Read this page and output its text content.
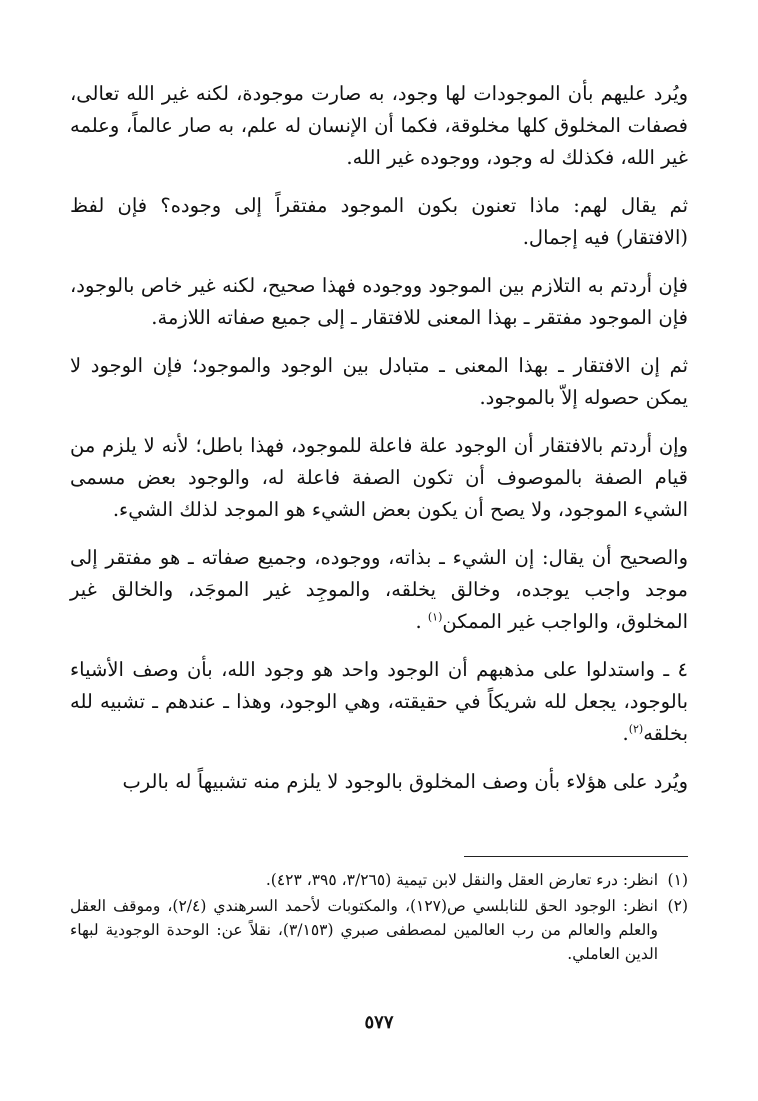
ويُرد عليهم بأن الموجودات لها وجود، به صارت موجودة، لكنه غير الله تعالى، فصفات المخلوق كلها مخلوقة، فكما أن الإنسان له علم، به صار عالماً، وعلمه غير الله، فكذلك له وجود، ووجوده غير الله.

ثم يقال لهم: ماذا تعنون بكون الموجود مفتقراً إلى وجوده؟ فإن لفظ (الافتقار) فيه إجمال.

فإن أردتم به التلازم بين الموجود ووجوده فهذا صحيح، لكنه غير خاص بالوجود، فإن الموجود مفتقر ـ بهذا المعنى للافتقار ـ إلى جميع صفاته اللازمة.

ثم إن الافتقار ـ بهذا المعنى ـ متبادل بين الوجود والموجود؛ فإن الوجود لا يمكن حصوله إلاّ بالموجود.

وإن أردتم بالافتقار أن الوجود علة فاعلة للموجود، فهذا باطل؛ لأنه لا يلزم من قيام الصفة بالموصوف أن تكون الصفة فاعلة له، والوجود بعض مسمى الشيء الموجود، ولا يصح أن يكون بعض الشيء هو الموجد لذلك الشيء.

والصحيح أن يقال: إن الشيء ـ بذاته، ووجوده، وجميع صفاته ـ هو مفتقر إلى موجد واجب يوجده، وخالق يخلقه، والموجِد غير الموجَد، والخالق غير المخلوق، والواجب غير الممكن$^{(١)}$ .

٤ ـ واستدلوا على مذهبهم أن الوجود واحد هو وجود الله، بأن وصف الأشياء بالوجود، يجعل لله شريكاً في حقيقته، وهي الوجود، وهذا ـ عندهم ـ تشبيه لله بخلقه$^{(٢)}$.

ويُرد على هؤلاء بأن وصف المخلوق بالوجود لا يلزم منه تشبيهاً له بالرب

(١)
انظر: درء تعارض العقل والنقل لابن تيمية (٣/٢٦٥، ٣٩٥، ٤٢٣).

(٢)
انظر: الوجود الحق للنابلسي ص(١٢٧)، والمكتوبات لأحمد السرهندي (٢/٤)، وموقف العقل والعلم والعالم من رب العالمين لمصطفى صبري (٣/١٥٣)، نقلاً عن: الوحدة الوجودية لبهاء الدين العاملي.

٥٧٧
